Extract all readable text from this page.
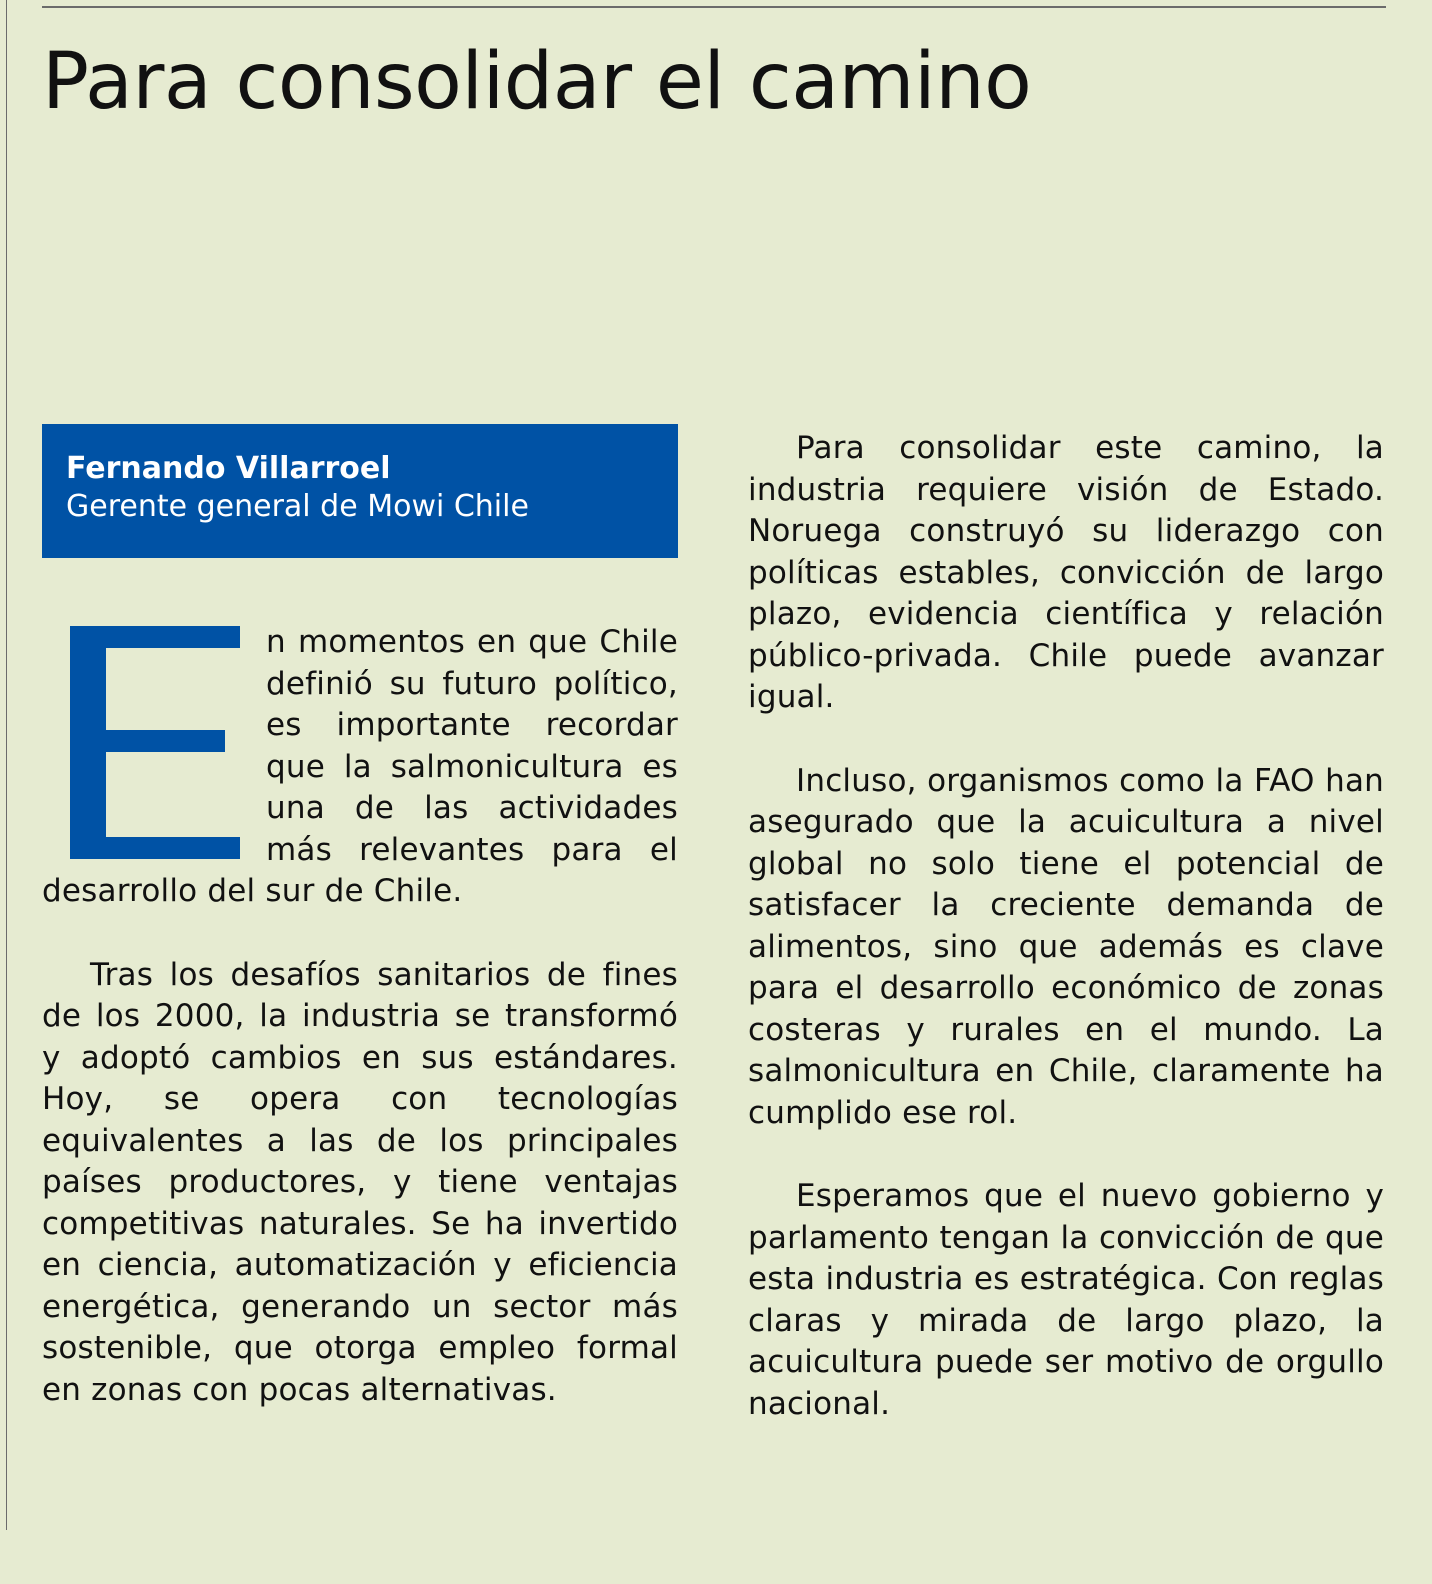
Para consolidar el camino
Fernando Villarroel
Gerente general de Mowi Chile

n momentos en que Chile definió su futuro político, es importante recordar que la salmonicultura es una de las actividades más relevantes para el desarrollo del sur de Chile.

Tras los desafíos sanitarios de fines de los 2000, la industria se transformó y adoptó cambios en sus estándares. Hoy, se opera con tecnologías equivalentes a las de los principales países productores, y tiene ventajas competitivas naturales. Se ha invertido en ciencia, automatización y eficiencia energética, generando un sector más sostenible, que otorga empleo formal en zonas con pocas alternativas.

Para consolidar este camino, la industria requiere visión de Estado. Noruega construyó su liderazgo con políticas estables, convicción de largo plazo, evidencia científica y relación público-privada. Chile puede avanzar igual.

Incluso, organismos como la FAO han asegurado que la acuicultura a nivel global no solo tiene el potencial de satisfacer la creciente demanda de alimentos, sino que además es clave para el desarrollo económico de zonas costeras y rurales en el mundo. La salmonicultura en Chile, claramente ha cumplido ese rol.

Esperamos que el nuevo gobierno y parlamento tengan la convicción de que esta industria es estratégica. Con reglas claras y mirada de largo plazo, la acuicultura puede ser motivo de orgullo nacional.
